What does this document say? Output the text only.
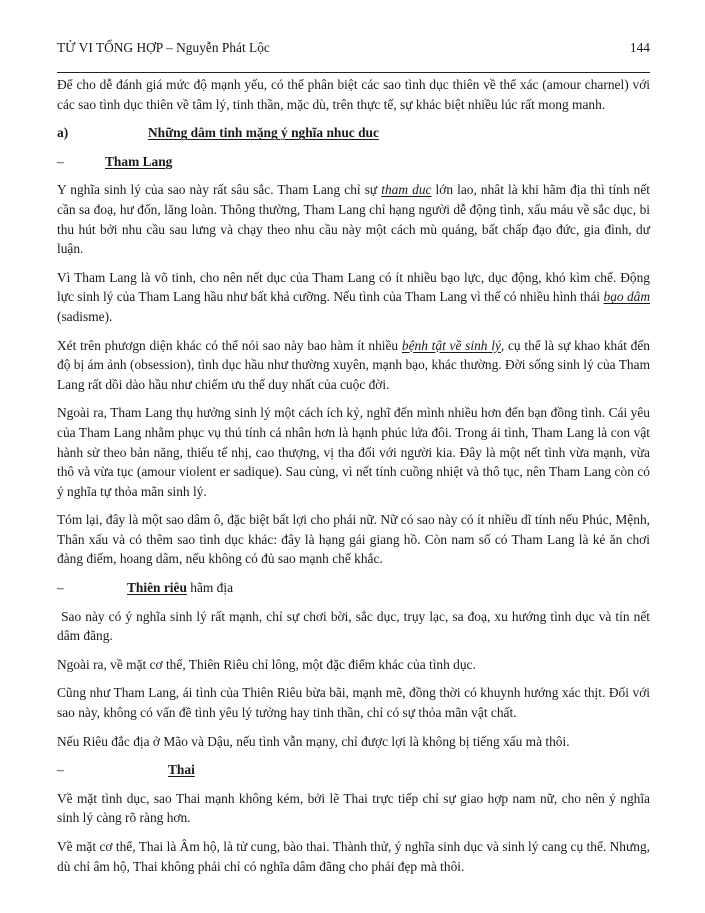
TỬ VI TỔNG HỢP – Nguyễn Phát Lộc	144

Để cho dễ đánh giá mức độ mạnh yếu, có thể phân biệt các sao tình dục thiên về thể xác (amour charnel) với các sao tình dục thiên về tâm lý, tinh thần, mặc dù, trên thực tế, sự khác biệt nhiều lúc rất mong manh.

a)	Những dâm tinh mặng ý nghĩa nhuc duc
–	Tham Lang

Y nghĩa sinh lý của sao này rất sâu sắc. Tham Lang chỉ sự tham duc lớn lao, nhât là khi hãm địa thì tính nết cần sa đoạ, hư đốn, lăng loàn. Thông thường, Tham Lang chỉ hạng người dễ động tình, xấu máu về sắc dục, bi thu hút bởi nhu cầu sau lưng và chạy theo nhu cầu này một cách mù quáng, bất chấp đạo đức, gia đình, dư luận.

Vì Tham Lang là võ tinh, cho nên nết dục của Tham Lang có ít nhiều bạo lực, dục động, khó kìm chế. Động lực sinh lý của Tham Lang hầu như bất khả cưỡng. Nếu tình của Tham Lang vì thế có nhiều hình thái bạo dâm (sadisme).

Xét trên phươgn diện khác có thể nói sao này bao hàm ít nhiều bệnh tật về sinh lý, cụ thể là sự khao khát đến độ bị ám ảnh (obsession), tình dục hầu như thường xuyên, mạnh bạo, khác thường. Đời sống sinh lý của Tham Lang rất dồi dào hầu như chiếm ưu thế duy nhất của cuộc đời.

Ngoài ra, Tham Lang thụ hưởng sinh lý một cách ích kỷ, nghĩ đến mình nhiều hơn đến bạn đồng tình. Cái yêu của Tham Lang nhằm phục vụ thú tính cá nhân hơn là hạnh phúc lứa đôi. Trong ái tình, Tham Lang là con vật hành sử theo bản năng, thiếu tế nhị, cao thượng, vị tha đối với người kia. Đây là một nết tình vừa mạnh, vừa thô và vừa tục (amour violent er sadique). Sau cùng, vì nết tính cuồng nhiệt và thô tục, nên Tham Lang còn có ý nghĩa tự thỏa mãn sinh lý.

Tóm lại, đây là một sao dâm ô, đặc biệt bất lợi cho phái nữ. Nữ có sao này có ít nhiều dĩ tính nếu Phúc, Mệnh, Thân xấu và có thêm sao tình dục khác: đây là hạng gái giang hồ. Còn nam số có Tham Lang là kẻ ăn chơi đàng điếm, hoang dâm, nếu không có đủ sao mạnh chế khắc.

–	Thiên riêu hãm địa

Sao này có ý nghĩa sinh lý rất mạnh, chỉ sự chơi bời, sắc dục, trụy lạc, sa đoạ, xu hướng tình dục và tín nết dâm đãng.

Ngoài ra, về mặt cơ thể, Thiên Riêu chỉ lông, một đặc điểm khác của tình dục.

Cũng như Tham Lang, ái tình của Thiên Riêu bừa bãi, mạnh mẽ, đồng thời có khuynh hướng xác thịt. Đối với sao này, không có vấn đề tình yêu lý tưởng hay tinh thần, chỉ có sự thỏa mãn vật chất.

Nếu Riêu đắc địa ở Mão và Dậu, nếu tình vẫn mạny, chỉ được lợi là không bị tiếng xấu mà thôi.

–	Thai

Về mặt tình dục, sao Thai mạnh không kém, bởi lẽ Thai trực tiếp chỉ sự giao hợp nam nữ, cho nên ý nghĩa sinh lý càng rõ ràng hơn.

Về mặt cơ thể, Thai là Âm hộ, là tử cung, bào thai. Thành thử, ý nghĩa sinh dục và sinh lý cang cụ thể. Nhưng, dù chỉ âm hộ, Thai không phải chỉ có nghĩa dâm đãng cho phái đẹp mà thôi.
